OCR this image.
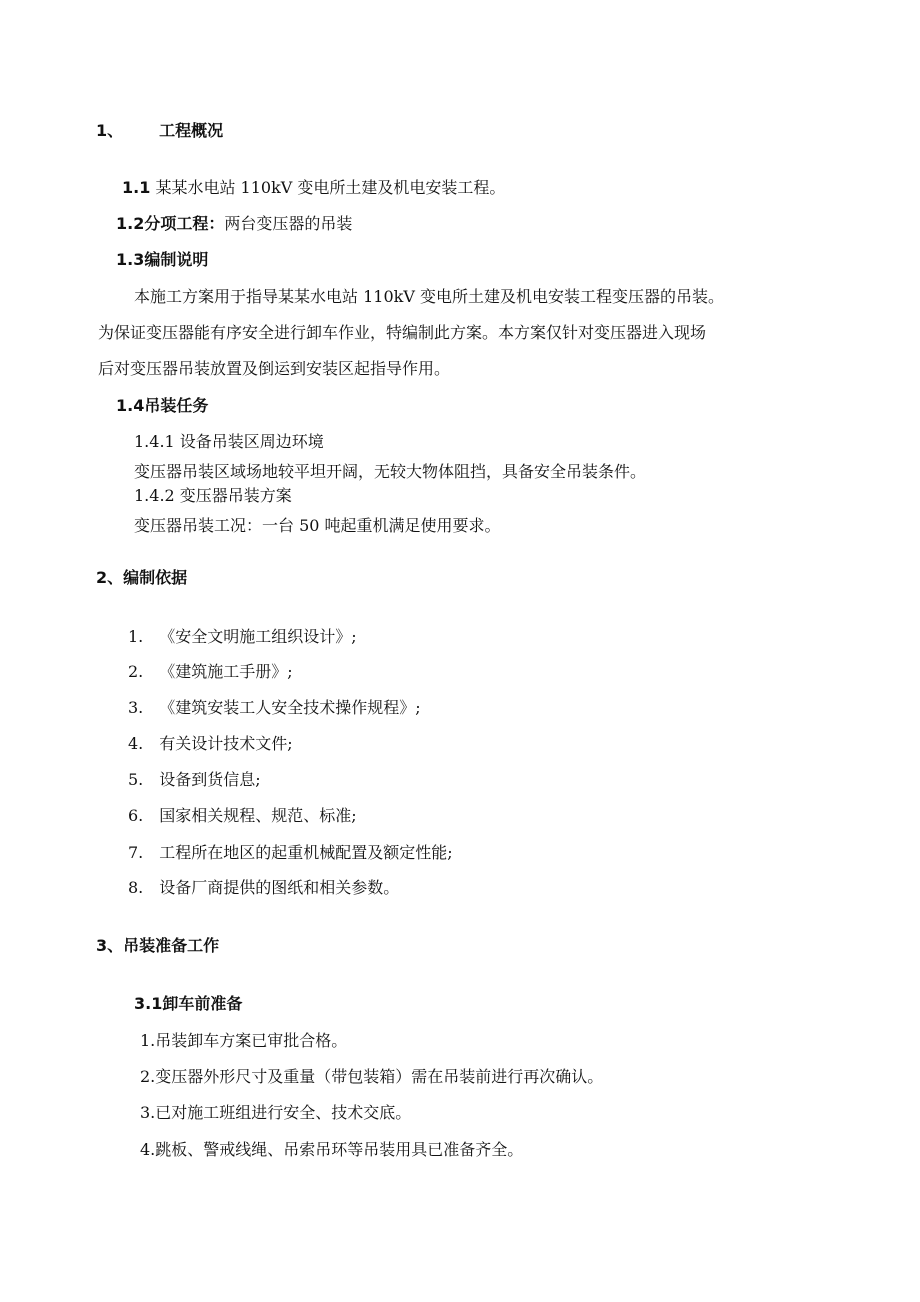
1、 工程概况
1.1 某某水电站 110kV 变电所土建及机电安装工程。
1.2分项工程：两台变压器的吊装
1.3编制说明
本施工方案用于指导某某水电站 110kV 变电所土建及机电安装工程变压器的吊装。
为保证变压器能有序安全进行卸车作业，特编制此方案。本方案仅针对变压器进入现场
后对变压器吊装放置及倒运到安装区起指导作用。
1.4吊装任务
1.4.1 设备吊装区周边环境
变压器吊装区域场地较平坦开阔，无较大物体阻挡，具备安全吊装条件。
1.4.2 变压器吊装方案
变压器吊装工况：一台 50 吨起重机满足使用要求。
2、编制依据
1. 《安全文明施工组织设计》;
2. 《建筑施工手册》;
3. 《建筑安装工人安全技术操作规程》;
4. 有关设计技术文件;
5. 设备到货信息;
6. 国家相关规程、规范、标准;
7. 工程所在地区的起重机械配置及额定性能;
8. 设备厂商提供的图纸和相关参数。
3、吊装准备工作
3.1卸车前准备
1.吊装卸车方案已审批合格。
2.变压器外形尺寸及重量（带包装箱）需在吊装前进行再次确认。
3.已对施工班组进行安全、技术交底。
4.跳板、警戒线绳、吊索吊环等吊装用具已准备齐全。
